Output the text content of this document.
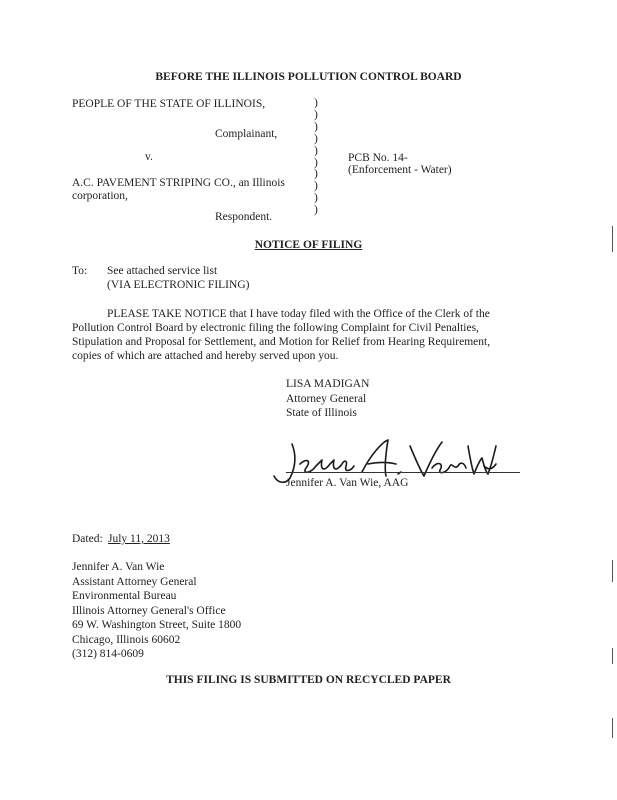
BEFORE THE ILLINOIS POLLUTION CONTROL BOARD
PEOPLE OF THE STATE OF ILLINOIS,
Complainant,
v.
A.C. PAVEMENT STRIPING CO., an Illinois
corporation,
Respondent.
)
)
)
)
)
)
)
)
)
)
PCB No. 14-
(Enforcement - Water)
NOTICE OF FILING
To: See attached service list
(VIA ELECTRONIC FILING)
PLEASE TAKE NOTICE that I have today filed with the Office of the Clerk of the
Pollution Control Board by electronic filing the following Complaint for Civil Penalties,
Stipulation and Proposal for Settlement, and Motion for Relief from Hearing Requirement,
copies of which are attached and hereby served upon you.
LISA MADIGAN
Attorney General
State of Illinois
Jennifer A. Van Wie, AAG
Dated: July 11, 2013
Jennifer A. Van Wie
Assistant Attorney General
Environmental Bureau
Illinois Attorney General's Office
69 W. Washington Street, Suite 1800
Chicago, Illinois 60602
(312) 814-0609
THIS FILING IS SUBMITTED ON RECYCLED PAPER
